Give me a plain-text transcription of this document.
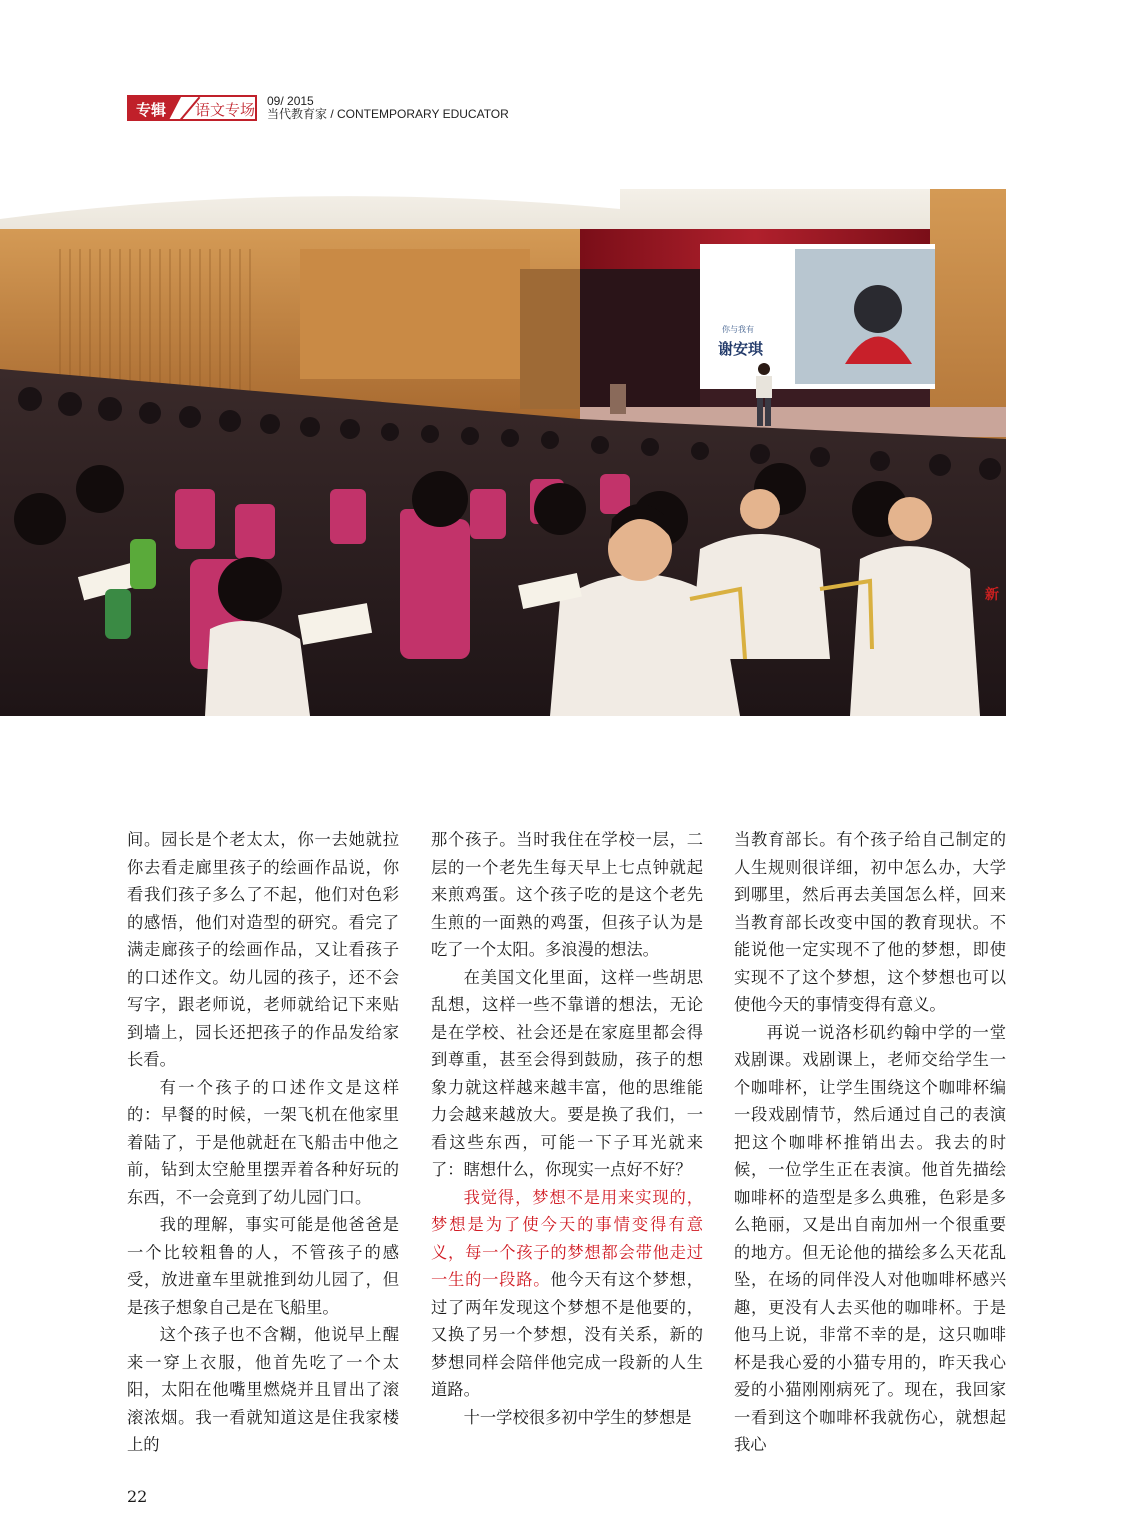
专辑 语文专场 09/ 2015
当代教育家 / CONTEMPORARY EDUCATOR
你与我有
谢安琪
新

间。园长是个老太太，你一去她就拉你去看走廊里孩子的绘画作品说，你看我们孩子多么了不起，他们对色彩的感悟，他们对造型的研究。看完了满走廊孩子的绘画作品，又让看孩子的口述作文。幼儿园的孩子，还不会写字，跟老师说，老师就给记下来贴到墙上，园长还把孩子的作品发给家长看。

有一个孩子的口述作文是这样的：早餐的时候，一架飞机在他家里着陆了，于是他就赶在飞船击中他之前，钻到太空舱里摆弄着各种好玩的东西，不一会竟到了幼儿园门口。

我的理解，事实可能是他爸爸是一个比较粗鲁的人，不管孩子的感受，放进童车里就推到幼儿园了，但是孩子想象自己是在飞船里。

这个孩子也不含糊，他说早上醒来一穿上衣服，他首先吃了一个太阳，太阳在他嘴里燃烧并且冒出了滚滚浓烟。我一看就知道这是住我家楼上的

那个孩子。当时我住在学校一层，二层的一个老先生每天早上七点钟就起来煎鸡蛋。这个孩子吃的是这个老先生煎的一面熟的鸡蛋，但孩子认为是吃了一个太阳。多浪漫的想法。

在美国文化里面，这样一些胡思乱想，这样一些不靠谱的想法，无论是在学校、社会还是在家庭里都会得到尊重，甚至会得到鼓励，孩子的想象力就这样越来越丰富，他的思维能力会越来越放大。要是换了我们，一看这些东西，可能一下子耳光就来了：瞎想什么，你现实一点好不好？

我觉得，梦想不是用来实现的，梦想是为了使今天的事情变得有意义，每一个孩子的梦想都会带他走过一生的一段路。他今天有这个梦想，过了两年发现这个梦想不是他要的，又换了另一个梦想，没有关系，新的梦想同样会陪伴他完成一段新的人生道路。

十一学校很多初中学生的梦想是

当教育部长。有个孩子给自己制定的人生规则很详细，初中怎么办，大学到哪里，然后再去美国怎么样，回来当教育部长改变中国的教育现状。不能说他一定实现不了他的梦想，即使实现不了这个梦想，这个梦想也可以使他今天的事情变得有意义。

再说一说洛杉矶约翰中学的一堂戏剧课。戏剧课上，老师交给学生一个咖啡杯，让学生围绕这个咖啡杯编一段戏剧情节，然后通过自己的表演把这个咖啡杯推销出去。我去的时候，一位学生正在表演。他首先描绘咖啡杯的造型是多么典雅，色彩是多么艳丽，又是出自南加州一个很重要的地方。但无论他的描绘多么天花乱坠，在场的同伴没人对他咖啡杯感兴趣，更没有人去买他的咖啡杯。于是他马上说，非常不幸的是，这只咖啡杯是我心爱的小猫专用的，昨天我心爱的小猫刚刚病死了。现在，我回家一看到这个咖啡杯我就伤心，就想起我心

22
